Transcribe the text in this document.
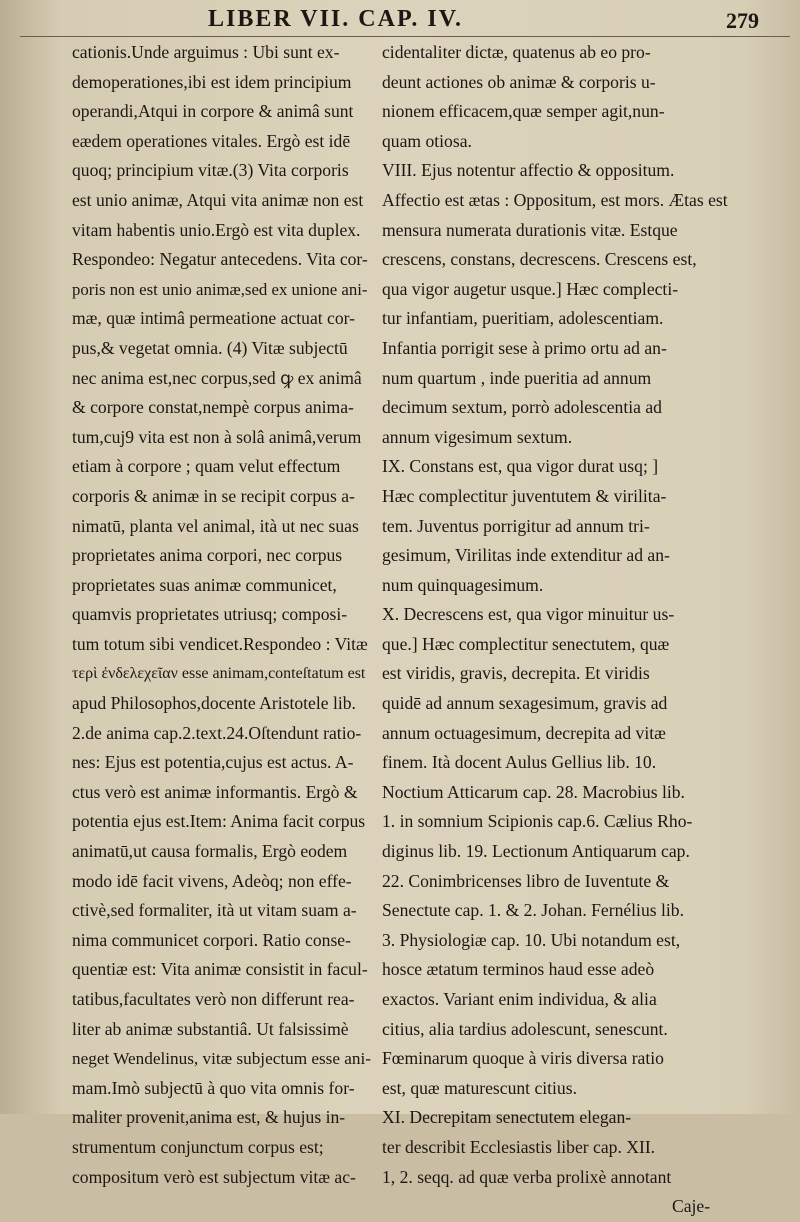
LIBER VII. CAP. IV.	279
cationis.Unde arguimus : Ubi sunt ex-
demoperationes,ibi est idem principium
operandi,Atqui in corpore & animâ sunt
eædem operationes vitales. Ergò est idē
quoq; principium vitæ.(3) Vita corporis
est unio animæ, Atqui vita animæ non est
vitam habentis unio.Ergò est vita duplex.
Respondeo: Negatur antecedens. Vita cor-
poris non est unio animæ,sed ex unione ani-
mæ, quæ intimâ permeatione actuat cor-
pus,& vegetat omnia. (4) Vitæ subjectū
nec anima est,nec corpus,sed ꝙ ex animâ
& corpore constat,nempè corpus anima-
tum,cuj9 vita est non à solâ animâ,verum
etiam à corpore ; quam velut effectum
corporis & animæ in se recipit corpus a-
nimatū, planta vel animal, ità ut nec suas
proprietates anima corpori, nec corpus
proprietates suas animæ communicet,
quamvis proprietates utriusq; composi-
tum totum sibi vendicet.Respondeo : Vitæ
τερὶ ἐνδελεχεῖαν esse animam,conteſtatum est
apud Philosophos,docente Aristotele lib.
2.de anima cap.2.text.24.Oſtendunt ratio-
nes: Ejus est potentia,cujus est actus. A-
ctus verò est animæ informantis. Ergò &
potentia ejus est.Item: Anima facit corpus
animatū,ut causa formalis, Ergò eodem
modo idē facit vivens, Adeòq; non effe-
ctivè,sed formaliter, ità ut vitam suam a-
nima communicet corpori. Ratio conse-
quentiæ est: Vita animæ consistit in facul-
tatibus,facultates verò non differunt rea-
liter ab animæ substantiâ. Ut falsissimè
neget Wendelinus, vitæ subjectum esse ani-
mam.Imò subjectū à quo vita omnis for-
maliter provenit,anima est, & hujus in-
strumentum conjunctum corpus est;
compositum verò est subjectum vitæ ac-
cidentaliter dictæ, quatenus ab eo pro-
deunt actiones ob animæ & corporis u-
nionem efficacem,quæ semper agit,nun-
quam otiosa.
VIII. Ejus notentur affectio & oppositum.
Affectio est ætas : Oppositum, est mors. Ætas est
mensura numerata durationis vitæ. Estque
crescens, constans, decrescens. Crescens est,
qua vigor augetur usque.] Hæc complecti-
tur infantiam, pueritiam, adolescentiam.
Infantia porrigit sese à primo ortu ad an-
num quartum , inde pueritia ad annum
decimum sextum, porrò adolescentia ad
annum vigesimum sextum.
IX. Constans est, qua vigor durat usq; ]
Hæc complectitur juventutem & virilita-
tem. Juventus porrigitur ad annum tri-
gesimum, Virilitas inde extenditur ad an-
num quinquagesimum.
X. Decrescens est, qua vigor minuitur us-
que.] Hæc complectitur senectutem, quæ
est viridis, gravis, decrepita. Et viridis
quidē ad annum sexagesimum, gravis ad
annum octuagesimum, decrepita ad vitæ
finem. Ità docent Aulus Gellius lib. 10.
Noctium Atticarum cap. 28. Macrobius lib.
1. in somnium Scipionis cap.6. Cælius Rho-
diginus lib. 19. Lectionum Antiquarum cap.
22. Conimbricenses libro de Iuventute &
Senectute cap. 1. & 2. Johan. Fernélius lib.
3. Physiologiæ cap. 10. Ubi notandum est,
hosce ætatum terminos haud esse adeò
exactos. Variant enim individua, & alia
citius, alia tardius adolescunt, senescunt.
Fœminarum quoque à viris diversa ratio
est, quæ maturescunt citius.
XI. Decrepitam senectutem elegan-
ter describit Ecclesiastis liber cap. XII.
1, 2. seqq. ad quæ verba prolixè annotant
Caje-
